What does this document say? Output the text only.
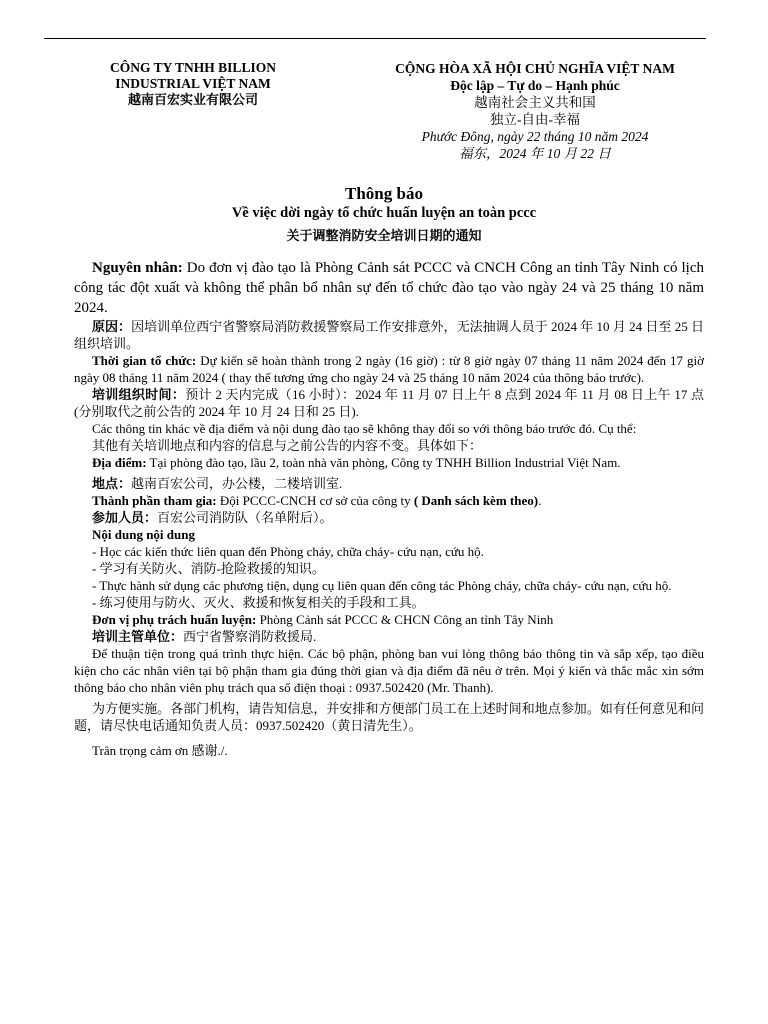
CÔNG TY TNHH BILLION
INDUSTRIAL VIỆT NAM
越南百宏实业有限公司
CỘNG HÒA XÃ HỘI CHỦ NGHĨA VIỆT NAM
Độc lập – Tự do – Hạnh phúc
越南社会主义共和国
独立-自由-幸福
Phước Đông, ngày 22 tháng 10 năm 2024
福东，2024 年 10 月 22 日
Thông báo
Về việc dời ngày tổ chức huấn luyện an toàn pccc
关于调整消防安全培训日期的通知

Nguyên nhân: Do đơn vị đào tạo là Phòng Cảnh sát PCCC và CNCH Công an tỉnh Tây Ninh có lịch công tác đột xuất và không thể phân bổ nhân sự đến tổ chức đào tạo vào ngày 24 và 25 tháng 10 năm 2024.

原因：因培训单位西宁省警察局消防救援警察局工作安排意外，无法抽调人员于 2024 年 10 月 24 日至 25 日组织培训。

Thời gian tổ chức: Dự kiến sẽ hoàn thành trong 2 ngày (16 giờ) : từ 8 giờ ngày 07 tháng 11 năm 2024 đến 17 giờ ngày 08 tháng 11 năm 2024 ( thay thế tương ứng cho ngày 24 và 25 tháng 10 năm 2024 của thông báo trước).

培训组织时间：预计 2 天内完成（16 小时）：2024 年 11 月 07 日上午 8 点到 2024 年 11 月 08 日上午 17 点 (分别取代之前公告的 2024 年 10 月 24 日和 25 日).

Các thông tin khác về địa điểm và nội dung đào tạo sẽ không thay đổi so với thông báo trước đó. Cụ thể:

其他有关培训地点和内容的信息与之前公告的内容不变。具体如下：

Địa điểm: Tại phòng đào tạo, lầu 2, toàn nhà văn phòng, Công ty TNHH Billion Industrial Việt Nam.

地点：越南百宏公司，办公楼，二楼培训室.

Thành phần tham gia: Đội PCCC-CNCH cơ sở của công ty ( Danh sách kèm theo).

参加人员：百宏公司消防队（名单附后）。

Nội dung nội dung

- Học các kiến thức liên quan đến Phòng cháy, chữa cháy- cứu nạn, cứu hộ.

- 学习有关防火、消防-抢险救援的知识。

- Thực hành sử dụng các phương tiện, dụng cụ liên quan đến công tác Phòng cháy, chữa cháy- cứu nạn, cứu hộ.

- 练习使用与防火、灭火、救援和恢复相关的手段和工具。

Đơn vị phụ trách huấn luyện: Phòng Cảnh sát PCCC & CHCN Công an tỉnh Tây Ninh

培训主管单位：西宁省警察消防救援局.

Để thuận tiện trong quá trình thực hiện. Các bộ phận, phòng ban vui lòng thông báo thông tin và sắp xếp, tạo điều kiện cho các nhân viên tại bộ phận tham gia đúng thời gian và địa điểm đã nêu ở trên. Mọi ý kiến và thắc mắc xin sớm thông báo cho nhân viên phụ trách qua số điện thoại : 0937.502420 (Mr. Thanh).

为方便实施。各部门机构，请告知信息，并安排和方便部门员工在上述时间和地点参加。如有任何意见和问题，请尽快电话通知负责人员：0937.502420（黄日清先生）。

Trân trọng cảm ơn 感谢./.
